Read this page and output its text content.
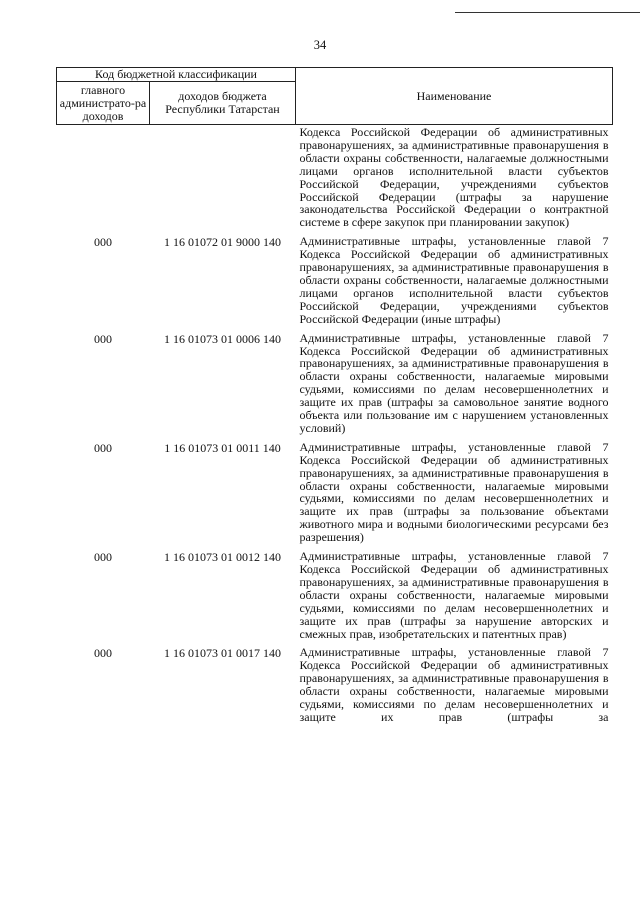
34
Код бюджетной классификации		Наименование
главного администрато-ра доходов	доходов бюджета Республики Татарстан	
		Кодекса Российской Федерации об административных правонарушениях, за административные правонарушения в области охраны собственности, налагаемые должностными лицами органов исполнительной власти субъектов Российской Федерации, учреждениями субъектов Российской Федерации (штрафы за нарушение законодательства Российской Федерации о контрактной системе в сфере закупок при планировании закупок)
000	1 16 01072 01 9000 140	Административные штрафы, установленные главой 7 Кодекса Российской Федерации об административных правонарушениях, за административные правонарушения в области охраны собственности, налагаемые должностными лицами органов исполнительной власти субъектов Российской Федерации, учреждениями субъектов Российской Федерации (иные штрафы)
000	1 16 01073 01 0006 140	Административные штрафы, установленные главой 7 Кодекса Российской Федерации об административных правонарушениях, за административные правонарушения в области охраны собственности, налагаемые мировыми судьями, комиссиями по делам несовершеннолетних и защите их прав (штрафы за самовольное занятие водного объекта или пользование им с нарушением установленных условий)
000	1 16 01073 01 0011 140	Административные штрафы, установленные главой 7 Кодекса Российской Федерации об административных правонарушениях, за административные правонарушения в области охраны собственности, налагаемые мировыми судьями, комиссиями по делам несовершеннолетних и защите их прав (штрафы за пользование объектами животного мира и водными биологическими ресурсами без разрешения)
000	1 16 01073 01 0012 140	Административные штрафы, установленные главой 7 Кодекса Российской Федерации об административных правонарушениях, за административные правонарушения в области охраны собственности, налагаемые мировыми судьями, комиссиями по делам несовершеннолетних и защите их прав (штрафы за нарушение авторских и смежных прав, изобретательских и патентных прав)
000	1 16 01073 01 0017 140	Административные штрафы, установленные главой 7 Кодекса Российской Федерации об административных правонарушениях, за административные правонарушения в области охраны собственности, налагаемые мировыми судьями, комиссиями по делам несовершеннолетних и защите их прав (штрафы за
